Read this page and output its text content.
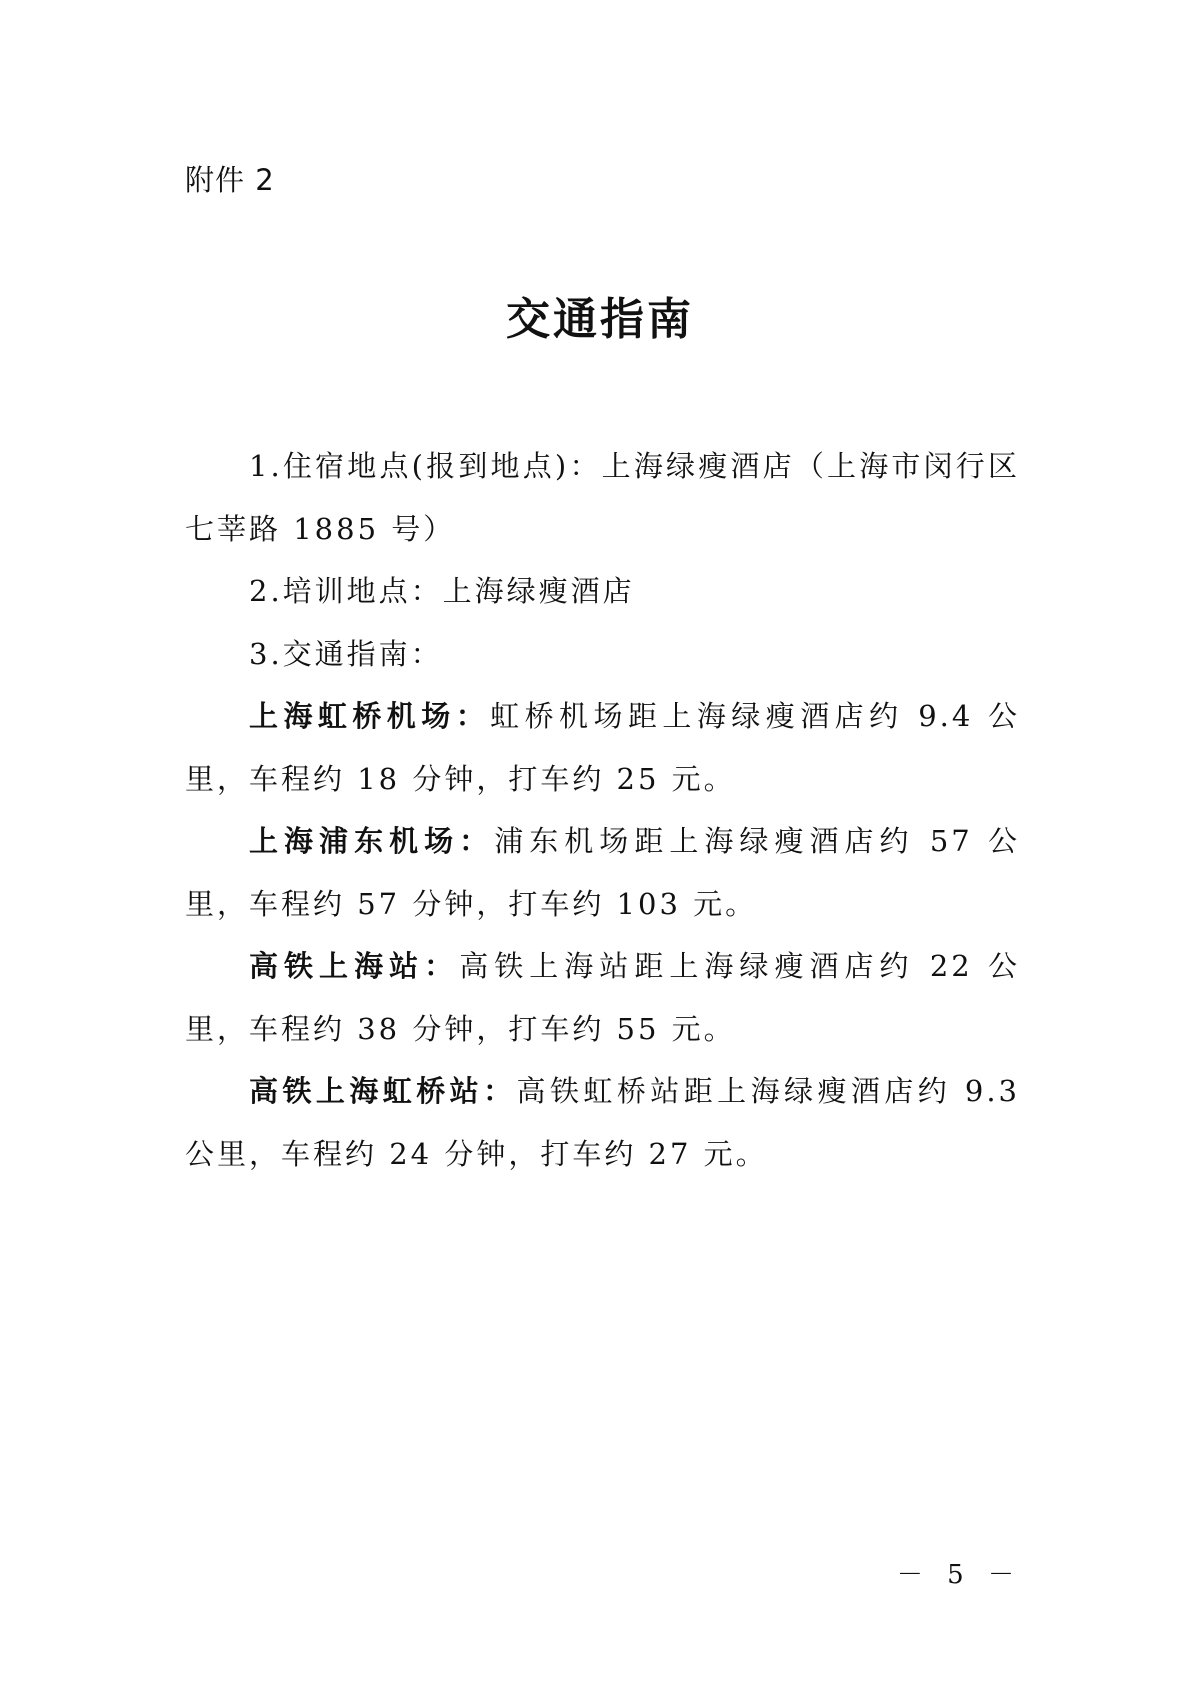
附件 2
交通指南

1.住宿地点(报到地点)：上海绿瘦酒店（上海市闵行区七莘路 1885 号）

2.培训地点：上海绿瘦酒店

3.交通指南：

上海虹桥机场：虹桥机场距上海绿瘦酒店约 9.4 公里，车程约 18 分钟，打车约 25 元。

上海浦东机场：浦东机场距上海绿瘦酒店约 57 公里，车程约 57 分钟，打车约 103 元。

高铁上海站：高铁上海站距上海绿瘦酒店约 22 公里，车程约 38 分钟，打车约 55 元。

高铁上海虹桥站：高铁虹桥站距上海绿瘦酒店约 9.3 公里，车程约 24 分钟，打车约 27 元。

－ 5 －
